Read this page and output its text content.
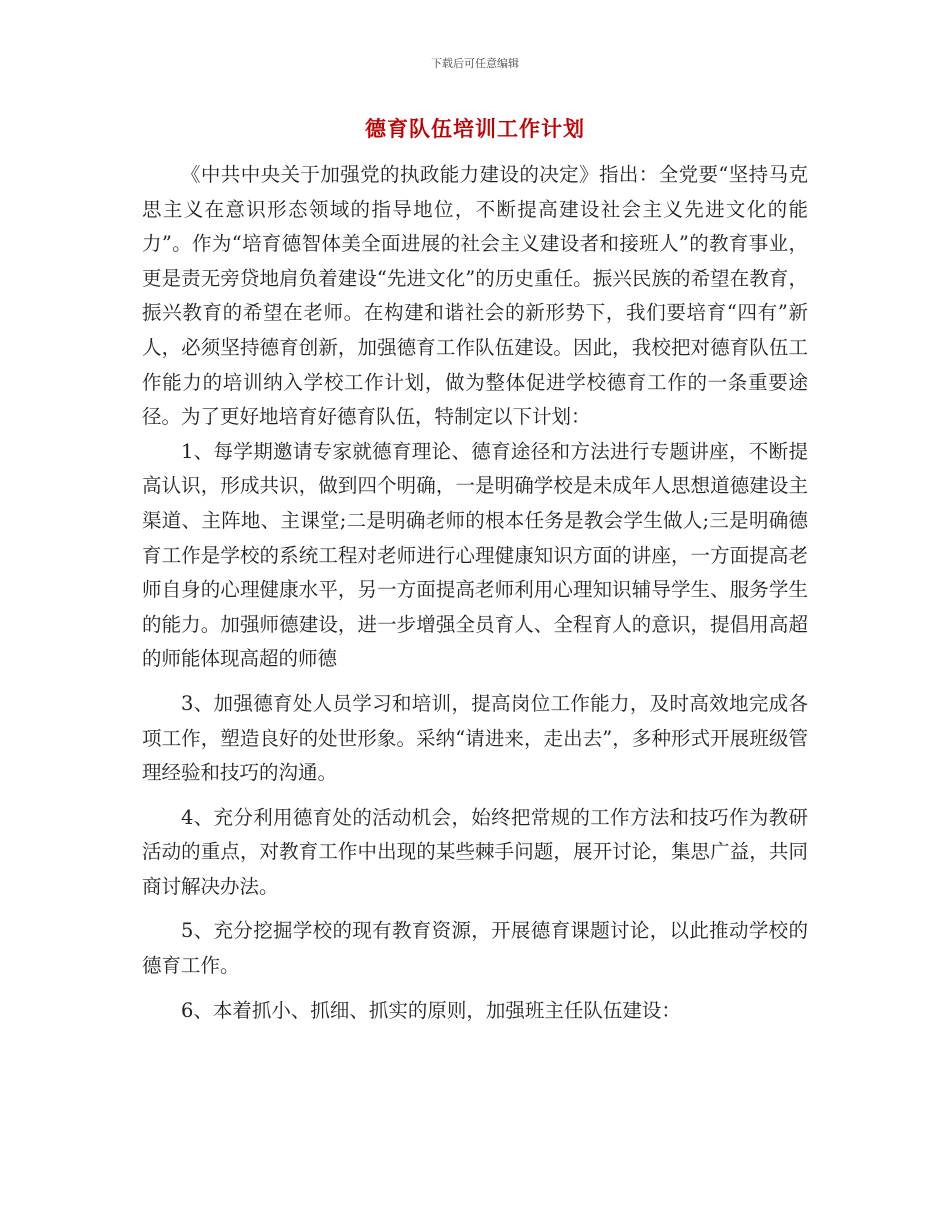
下载后可任意编辑
德育队伍培训工作计划

《中共中央关于加强党的执政能力建设的决定》指出：全党要“坚持马克思主义在意识形态领域的指导地位，不断提高建设社会主义先进文化的能力”。作为“培育德智体美全面进展的社会主义建设者和接班人”的教育事业，更是责无旁贷地肩负着建设“先进文化”的历史重任。振兴民族的希望在教育，振兴教育的希望在老师。在构建和谐社会的新形势下，我们要培育“四有”新人，必须坚持德育创新，加强德育工作队伍建设。因此，我校把对德育队伍工作能力的培训纳入学校工作计划，做为整体促进学校德育工作的一条重要途径。为了更好地培育好德育队伍，特制定以下计划：

1、每学期邀请专家就德育理论、德育途径和方法进行专题讲座，不断提高认识，形成共识，做到四个明确，一是明确学校是未成年人思想道德建设主渠道、主阵地、主课堂;二是明确老师的根本任务是教会学生做人;三是明确德育工作是学校的系统工程对老师进行心理健康知识方面的讲座，一方面提高老师自身的心理健康水平，另一方面提高老师利用心理知识辅导学生、服务学生的能力。加强师德建设，进一步增强全员育人、全程育人的意识，提倡用高超的师能体现高超的师德

3、加强德育处人员学习和培训，提高岗位工作能力，及时高效地完成各项工作，塑造良好的处世形象。采纳“请进来，走出去”，多种形式开展班级管理经验和技巧的沟通。

4、充分利用德育处的活动机会，始终把常规的工作方法和技巧作为教研活动的重点，对教育工作中出现的某些棘手问题，展开讨论，集思广益，共同商讨解决办法。

5、充分挖掘学校的现有教育资源，开展德育课题讨论，以此推动学校的德育工作。

6、本着抓小、抓细、抓实的原则，加强班主任队伍建设：
